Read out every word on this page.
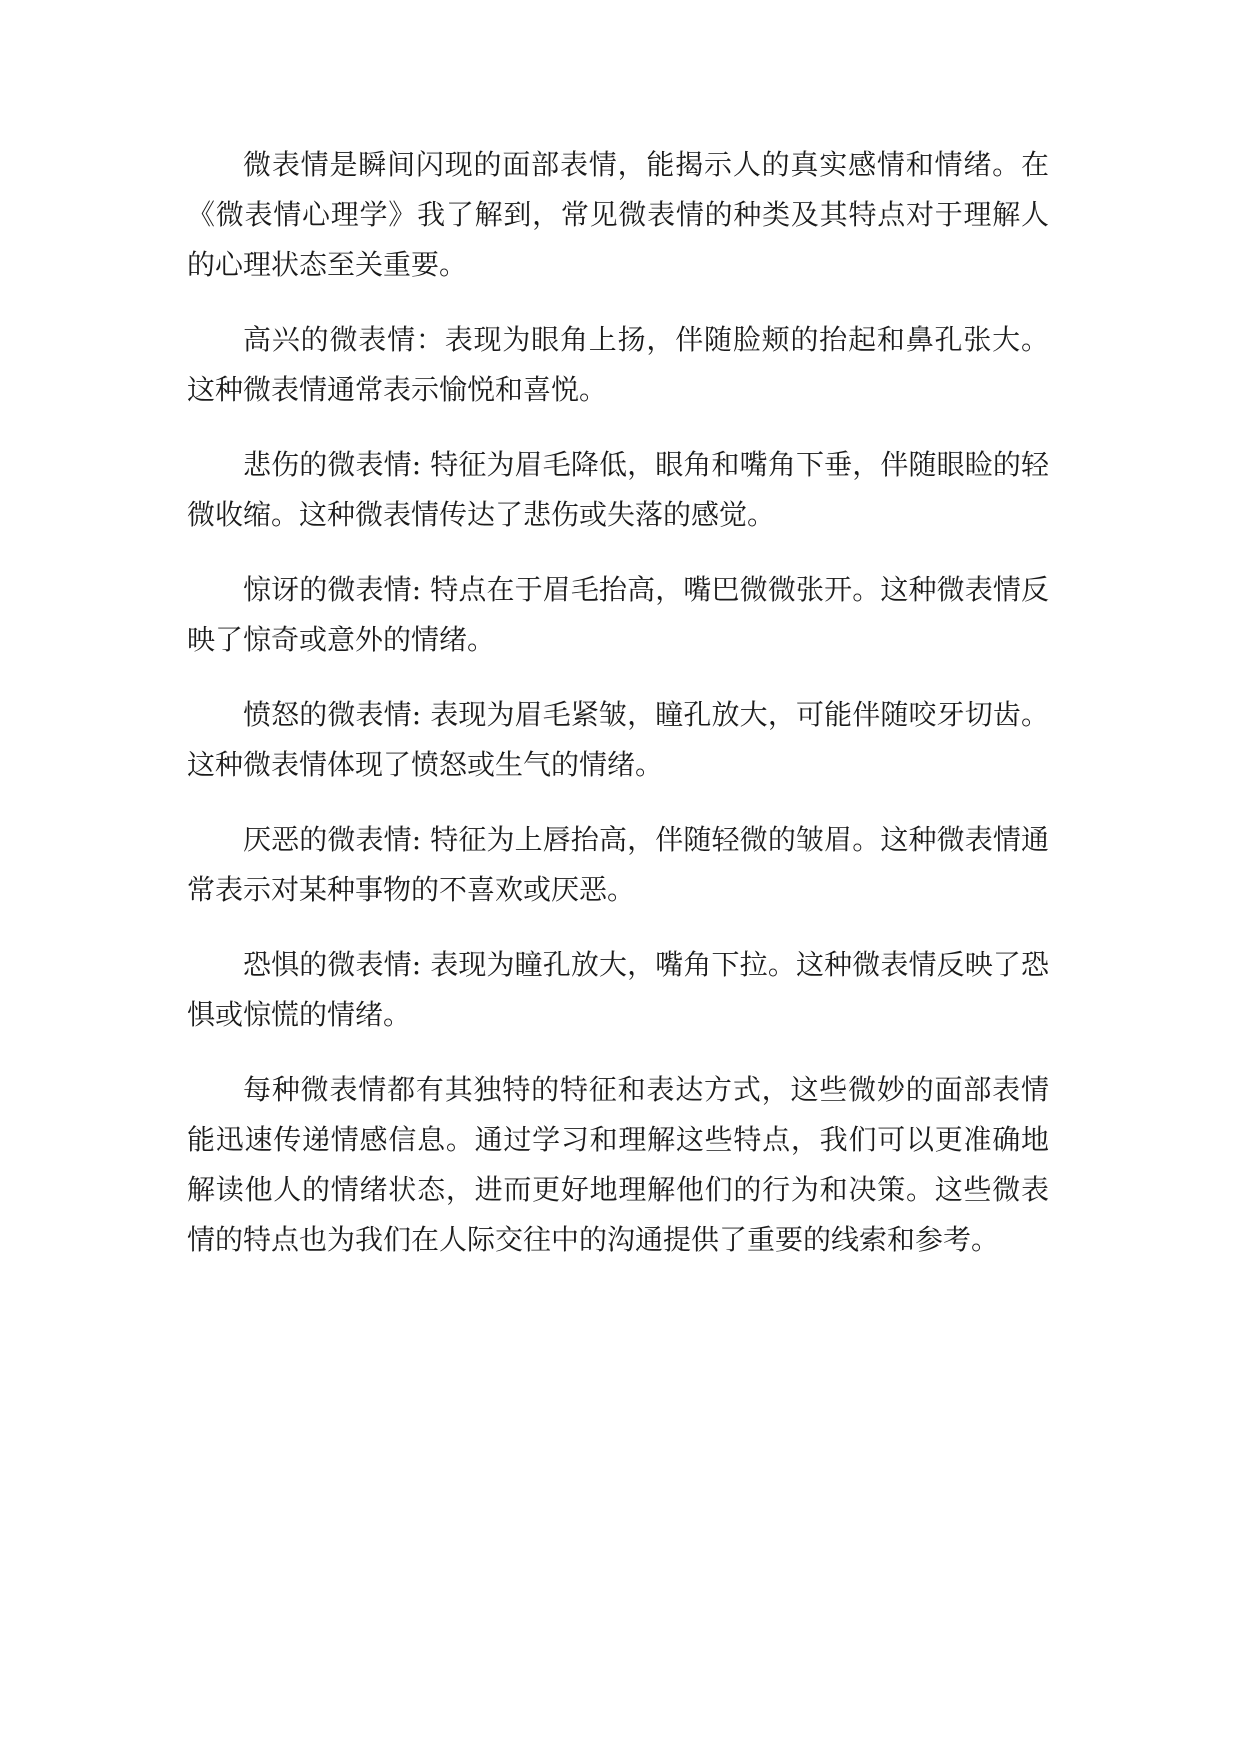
微表情是瞬间闪现的面部表情，能揭示人的真实感情和情绪。在《微表情心理学》我了解到，常见微表情的种类及其特点对于理解人的心理状态至关重要。

高兴的微表情：表现为眼角上扬，伴随脸颊的抬起和鼻孔张大。这种微表情通常表示愉悦和喜悦。

悲伤的微表情: 特征为眉毛降低，眼角和嘴角下垂，伴随眼睑的轻微收缩。这种微表情传达了悲伤或失落的感觉。

惊讶的微表情: 特点在于眉毛抬高，嘴巴微微张开。这种微表情反映了惊奇或意外的情绪。

愤怒的微表情: 表现为眉毛紧皱，瞳孔放大，可能伴随咬牙切齿。这种微表情体现了愤怒或生气的情绪。

厌恶的微表情: 特征为上唇抬高，伴随轻微的皱眉。这种微表情通常表示对某种事物的不喜欢或厌恶。

恐惧的微表情: 表现为瞳孔放大，嘴角下拉。这种微表情反映了恐惧或惊慌的情绪。

每种微表情都有其独特的特征和表达方式，这些微妙的面部表情能迅速传递情感信息。通过学习和理解这些特点，我们可以更准确地解读他人的情绪状态，进而更好地理解他们的行为和决策。这些微表情的特点也为我们在人际交往中的沟通提供了重要的线索和参考。
